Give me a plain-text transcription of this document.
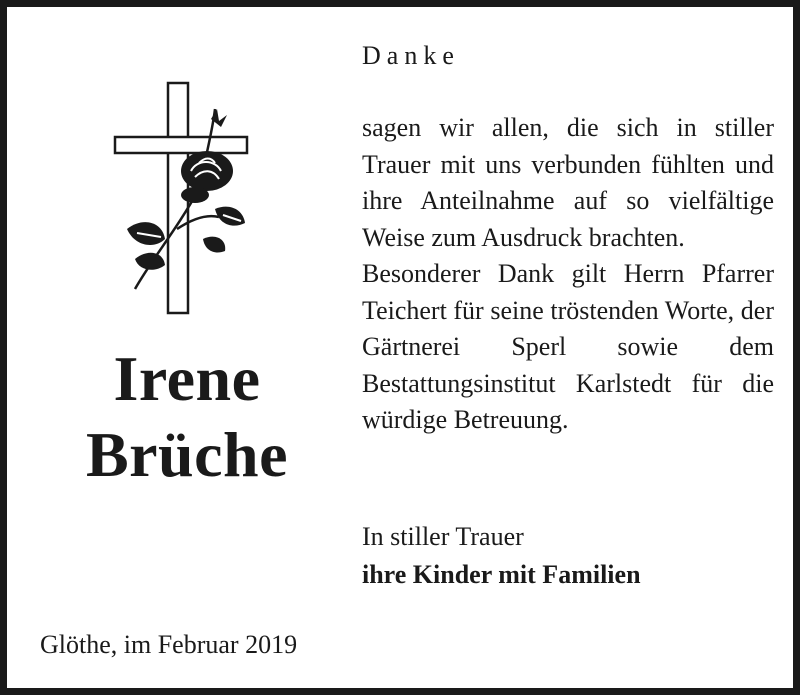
Irene
Brüche
Danke

sagen wir allen, die sich in stiller Trauer mit uns verbunden fühlten und ihre Anteilnahme auf so vielfältige Weise zum Ausdruck brachten.

Besonderer Dank gilt Herrn Pfarrer Teichert für seine tröstenden Worte, der Gärtnerei Sperl sowie dem Bestattungsinstitut Karlstedt für die würdige Betreuung.

In stiller Trauer
ihre Kinder mit Familien
Glöthe, im Februar 2019
